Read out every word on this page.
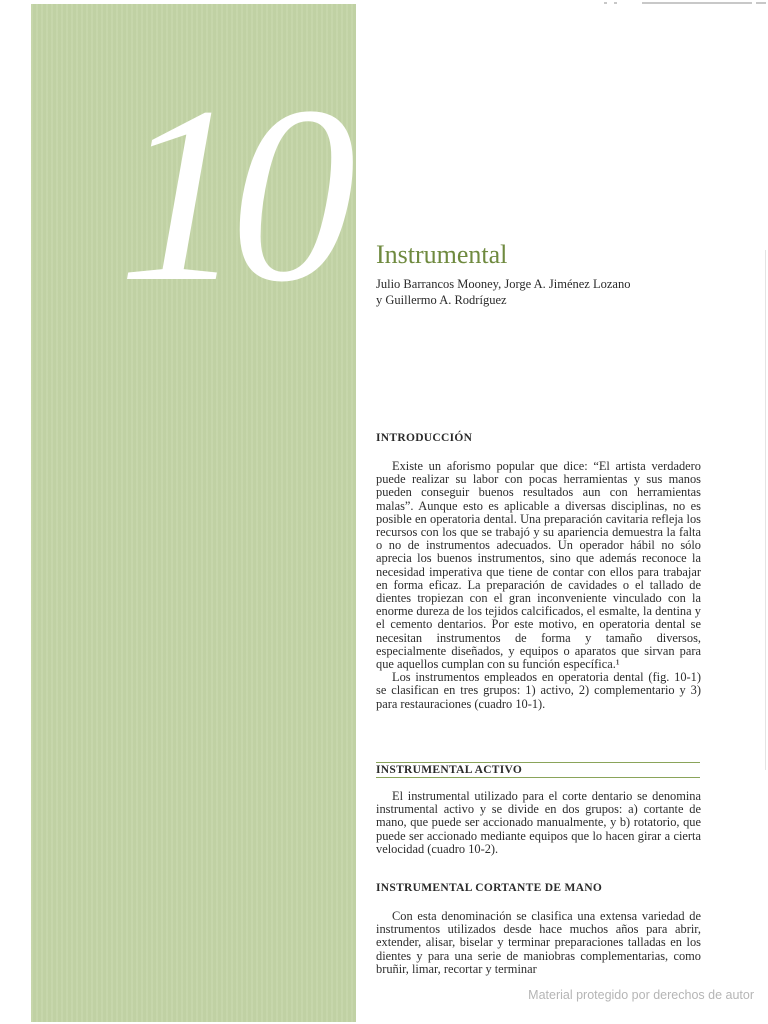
10	Instrumental
Julio Barrancos Mooney, Jorge A. Jiménez Lozano
y Guillermo A. Rodríguez
INTRODUCCIÓN

Existe un aforismo popular que dice: “El artista verdadero puede realizar su labor con pocas herramientas y sus manos pueden conseguir buenos resultados aun con herramientas malas”. Aunque esto es aplicable a diversas disciplinas, no es posible en operatoria dental. Una preparación cavitaria refleja los recursos con los que se trabajó y su apariencia demuestra la falta o no de instrumentos adecuados. Un operador hábil no sólo aprecia los buenos instrumentos, sino que además reconoce la necesidad imperativa que tiene de contar con ellos para trabajar en forma eficaz. La preparación de cavidades o el tallado de dientes tropiezan con el gran inconveniente vinculado con la enorme dureza de los tejidos calcificados, el esmalte, la dentina y el cemento dentarios. Por este motivo, en operatoria dental se necesitan instrumentos de forma y tamaño diversos, especialmente diseñados, y equipos o aparatos que sirvan para que aquellos cumplan con su función específica.¹

Los instrumentos empleados en operatoria dental (fig. 10-1) se clasifican en tres grupos: 1) activo, 2) complementario y 3) para restauraciones (cuadro 10-1).

INSTRUMENTAL ACTIVO

El instrumental utilizado para el corte dentario se denomina instrumental activo y se divide en dos grupos: a) cortante de mano, que puede ser accionado manualmente, y b) rotatorio, que puede ser accionado mediante equipos que lo hacen girar a cierta velocidad (cuadro 10-2).

INSTRUMENTAL CORTANTE DE MANO

Con esta denominación se clasifica una extensa variedad de instrumentos utilizados desde hace muchos años para abrir, extender, alisar, biselar y terminar preparaciones talladas en los dientes y para una serie de maniobras complementarias, como bruñir, limar, recortar y terminar

Material protegido por derechos de autor
